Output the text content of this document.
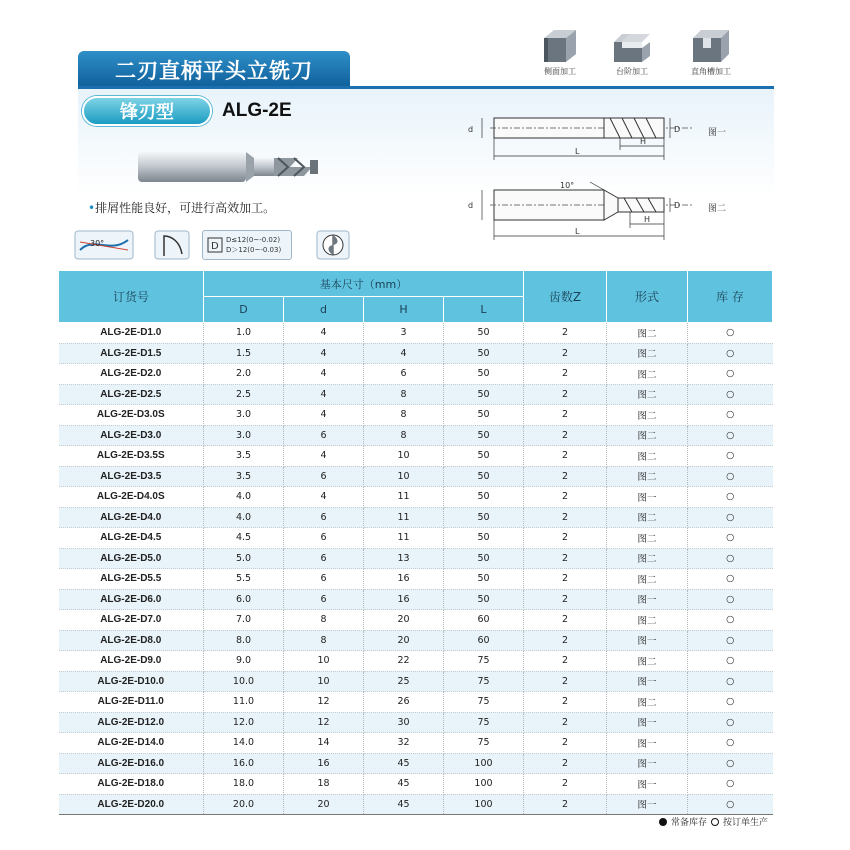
二刃直柄平头立铣刀	侧面加工	台阶加工	直角槽加工
锋刃型	ALG-2E
•排屑性能良好，可进行高效加工。
30°	D
D≤12(0~-0.02)
D＞12(0~-0.03)
d	D
L
H
图一
10°
d	D
L
H
图二
订货号	基本尺寸（mm）				齿数Z	形式	库 存
	D	d	H	L			
ALG-2E-D1.0	1.0	4	3	50	2	图二	○
ALG-2E-D1.5	1.5	4	4	50	2	图二	○
ALG-2E-D2.0	2.0	4	6	50	2	图二	○
ALG-2E-D2.5	2.5	4	8	50	2	图二	○
ALG-2E-D3.0S	3.0	4	8	50	2	图二	○
ALG-2E-D3.0	3.0	6	8	50	2	图二	○
ALG-2E-D3.5S	3.5	4	10	50	2	图二	○
ALG-2E-D3.5	3.5	6	10	50	2	图二	○
ALG-2E-D4.0S	4.0	4	11	50	2	图一	○
ALG-2E-D4.0	4.0	6	11	50	2	图二	○
ALG-2E-D4.5	4.5	6	11	50	2	图二	○
ALG-2E-D5.0	5.0	6	13	50	2	图二	○
ALG-2E-D5.5	5.5	6	16	50	2	图二	○
ALG-2E-D6.0	6.0	6	16	50	2	图一	○
ALG-2E-D7.0	7.0	8	20	60	2	图二	○
ALG-2E-D8.0	8.0	8	20	60	2	图一	○
ALG-2E-D9.0	9.0	10	22	75	2	图二	○
ALG-2E-D10.0	10.0	10	25	75	2	图一	○
ALG-2E-D11.0	11.0	12	26	75	2	图二	○
ALG-2E-D12.0	12.0	12	30	75	2	图一	○
ALG-2E-D14.0	14.0	14	32	75	2	图一	○
ALG-2E-D16.0	16.0	16	45	100	2	图一	○
ALG-2E-D18.0	18.0	18	45	100	2	图一	○
ALG-2E-D20.0	20.0	20	45	100	2	图一	○
常备库存 按订单生产
